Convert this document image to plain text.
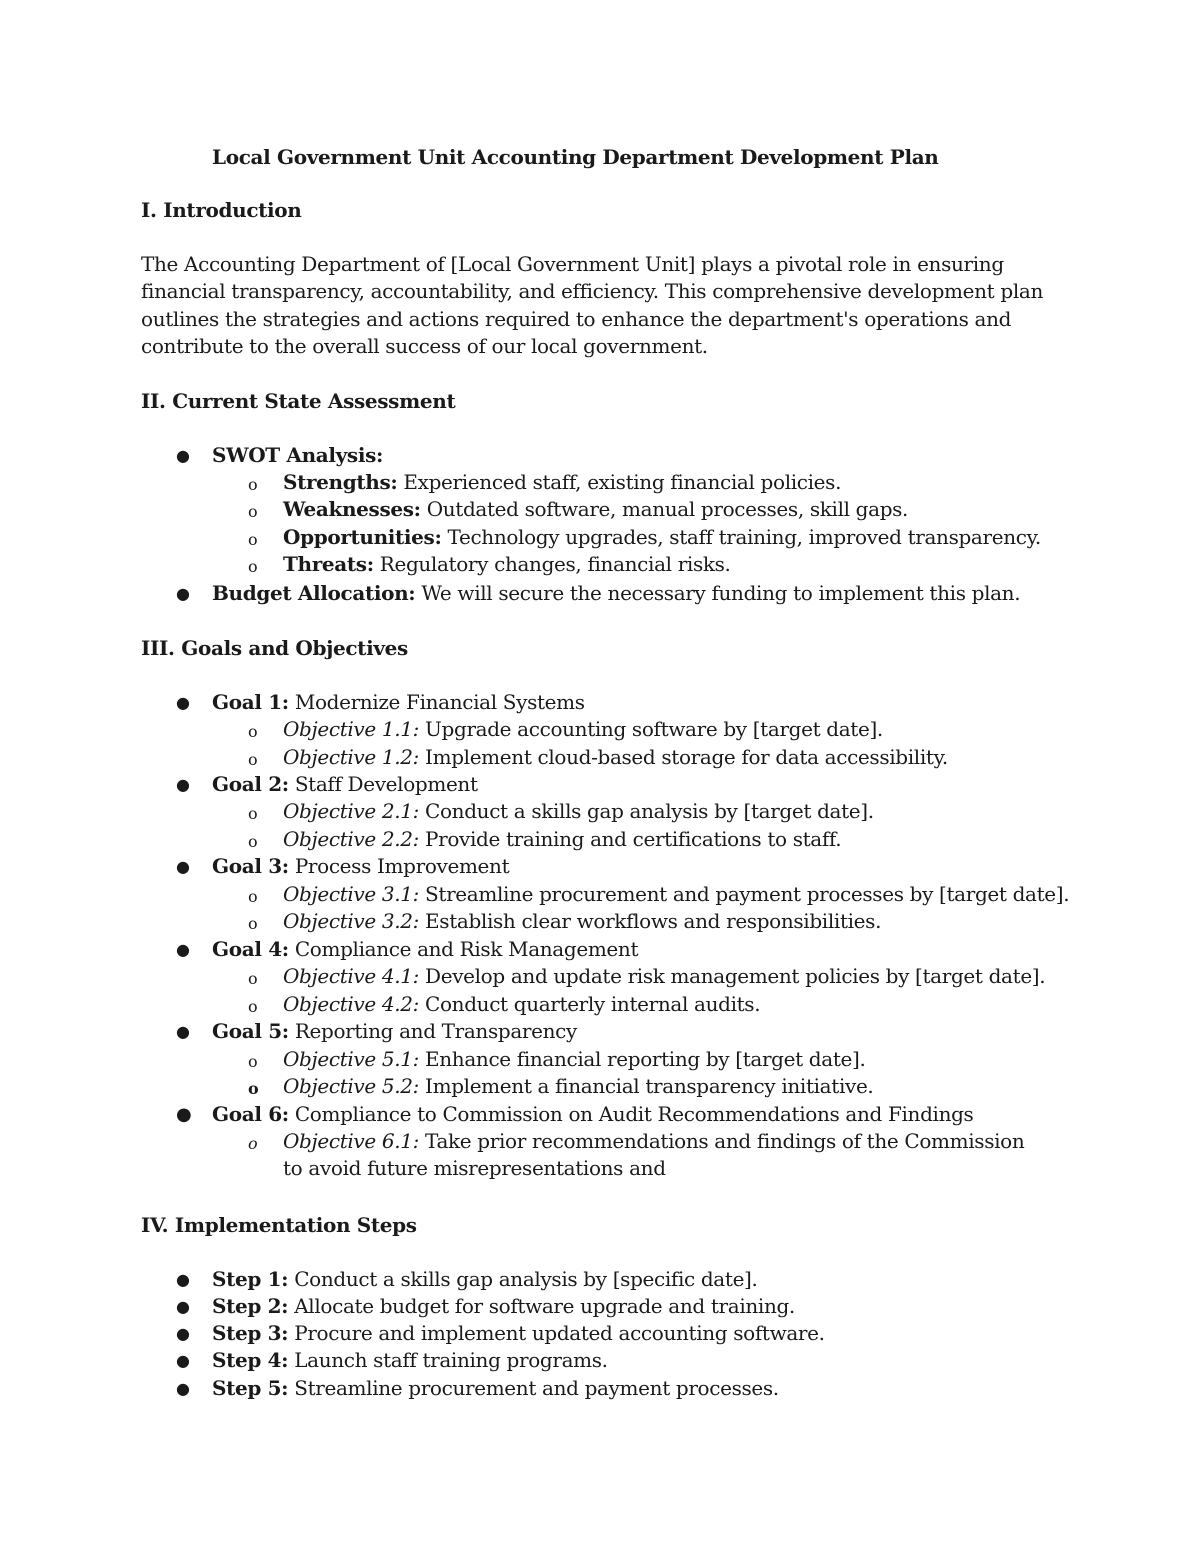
Local Government Unit Accounting Department Development Plan
I. Introduction

The Accounting Department of [Local Government Unit] plays a pivotal role in ensuring financial transparency, accountability, and efficiency. This comprehensive development plan outlines the strategies and actions required to enhance the department's operations and contribute to the overall success of our local government.

II. Current State Assessment
● SWOT Analysis:
o Strengths: Experienced staff, existing financial policies.
o Weaknesses: Outdated software, manual processes, skill gaps.
o Opportunities: Technology upgrades, staff training, improved transparency.
o Threats: Regulatory changes, financial risks.
● Budget Allocation: We will secure the necessary funding to implement this plan.
III. Goals and Objectives
● Goal 1: Modernize Financial Systems
o Objective 1.1: Upgrade accounting software by [target date].
o Objective 1.2: Implement cloud-based storage for data accessibility.
● Goal 2: Staff Development
o Objective 2.1: Conduct a skills gap analysis by [target date].
o Objective 2.2: Provide training and certifications to staff.
● Goal 3: Process Improvement
o Objective 3.1: Streamline procurement and payment processes by [target date].
o Objective 3.2: Establish clear workflows and responsibilities.
● Goal 4: Compliance and Risk Management
o Objective 4.1: Develop and update risk management policies by [target date].
o Objective 4.2: Conduct quarterly internal audits.
● Goal 5: Reporting and Transparency
o Objective 5.1: Enhance financial reporting by [target date].
o Objective 5.2: Implement a financial transparency initiative.
● Goal 6: Compliance to Commission on Audit Recommendations and Findings
o Objective 6.1: Take prior recommendations and findings of the Commission to avoid future misrepresentations and
IV. Implementation Steps
● Step 1: Conduct a skills gap analysis by [specific date].
● Step 2: Allocate budget for software upgrade and training.
● Step 3: Procure and implement updated accounting software.
● Step 4: Launch staff training programs.
● Step 5: Streamline procurement and payment processes.
